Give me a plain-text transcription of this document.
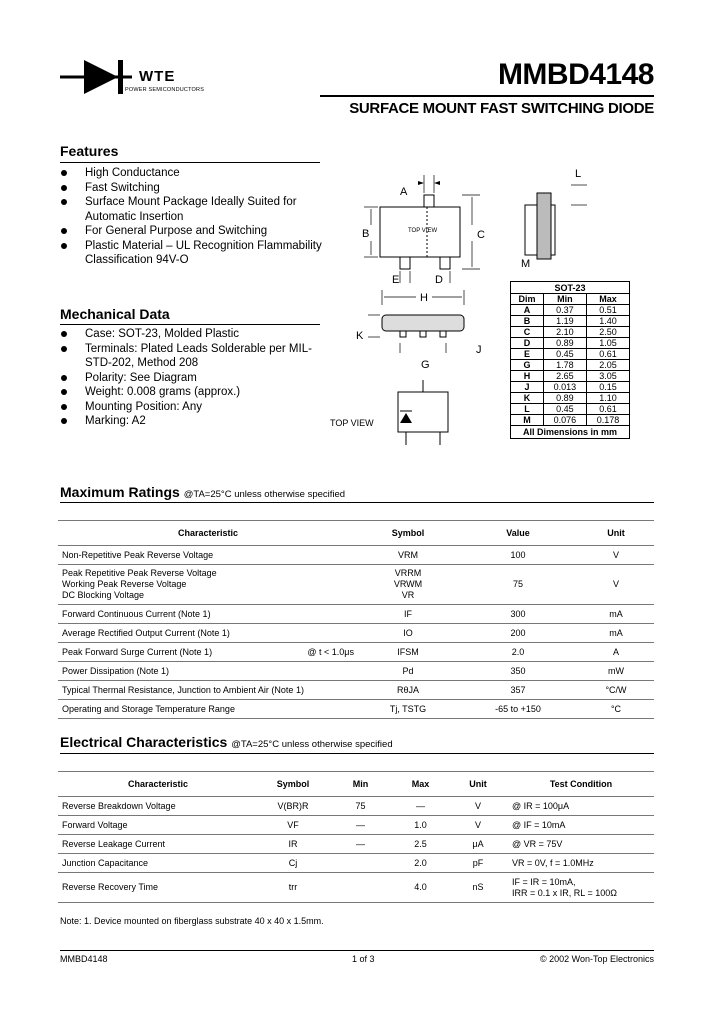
WTE
POWER SEMICONDUCTORS	MMBD4148
SURFACE MOUNT FAST SWITCHING DIODE
Features
High Conductance
Fast Switching
Surface Mount Package Ideally Suited for Automatic Insertion
For General Purpose and Switching
Plastic Material – UL Recognition Flammability Classification 94V-O
Mechanical Data
Case: SOT-23, Molded Plastic
Terminals: Plated Leads Solderable per MIL-STD-202, Method 208
Polarity: See Diagram
Weight: 0.008 grams (approx.)
Mounting Position: Any
Marking: A2
TOP VIEW
A
B	C
E	D
H
K
J
G
TOP VIEW
L
M
SOT-23		
Dim	Min	Max
A	0.37	0.51
B	1.19	1.40
C	2.10	2.50
D	0.89	1.05
E	0.45	0.61
G	1.78	2.05
H	2.65	3.05
J	0.013	0.15
K	0.89	1.10
L	0.45	0.61
M	0.076	0.178
All Dimensions in mm		
Maximum Ratings @TA=25°C unless otherwise specified
Characteristic	Symbol	Value	Unit
Non-Repetitive Peak Reverse Voltage	VRM	100	V
Peak Repetitive Peak Reverse Voltage
Working Peak Reverse Voltage
DC Blocking Voltage	VRRM
VRWM
VR	75	V
Forward Continuous Current (Note 1)	IF	300	mA
Average Rectified Output Current (Note 1)	IO	200	mA
Peak Forward Surge Current (Note 1) @ t < 1.0μs	IFSM	2.0	A
Power Dissipation (Note 1)	Pd	350	mW
Typical Thermal Resistance, Junction to Ambient Air (Note 1)	RθJA	357	°C/W
Operating and Storage Temperature Range	Tj, TSTG	-65 to +150	°C
Electrical Characteristics @TA=25°C unless otherwise specified
Characteristic	Symbol	Min	Max	Unit	Test Condition
Reverse Breakdown Voltage	V(BR)R	75	—	V	@ IR = 100μA
Forward Voltage	VF	—	1.0	V	@ IF = 10mA
Reverse Leakage Current	IR	—	2.5	μA	@ VR = 75V
Junction Capacitance	Cj		2.0	pF	VR = 0V, f = 1.0MHz
Reverse Recovery Time	trr		4.0	nS	IF = IR = 10mA,
IRR = 0.1 x IR, RL = 100Ω
Note: 1. Device mounted on fiberglass substrate 40 x 40 x 1.5mm.
MMBD4148	1 of 3	© 2002 Won-Top Electronics
